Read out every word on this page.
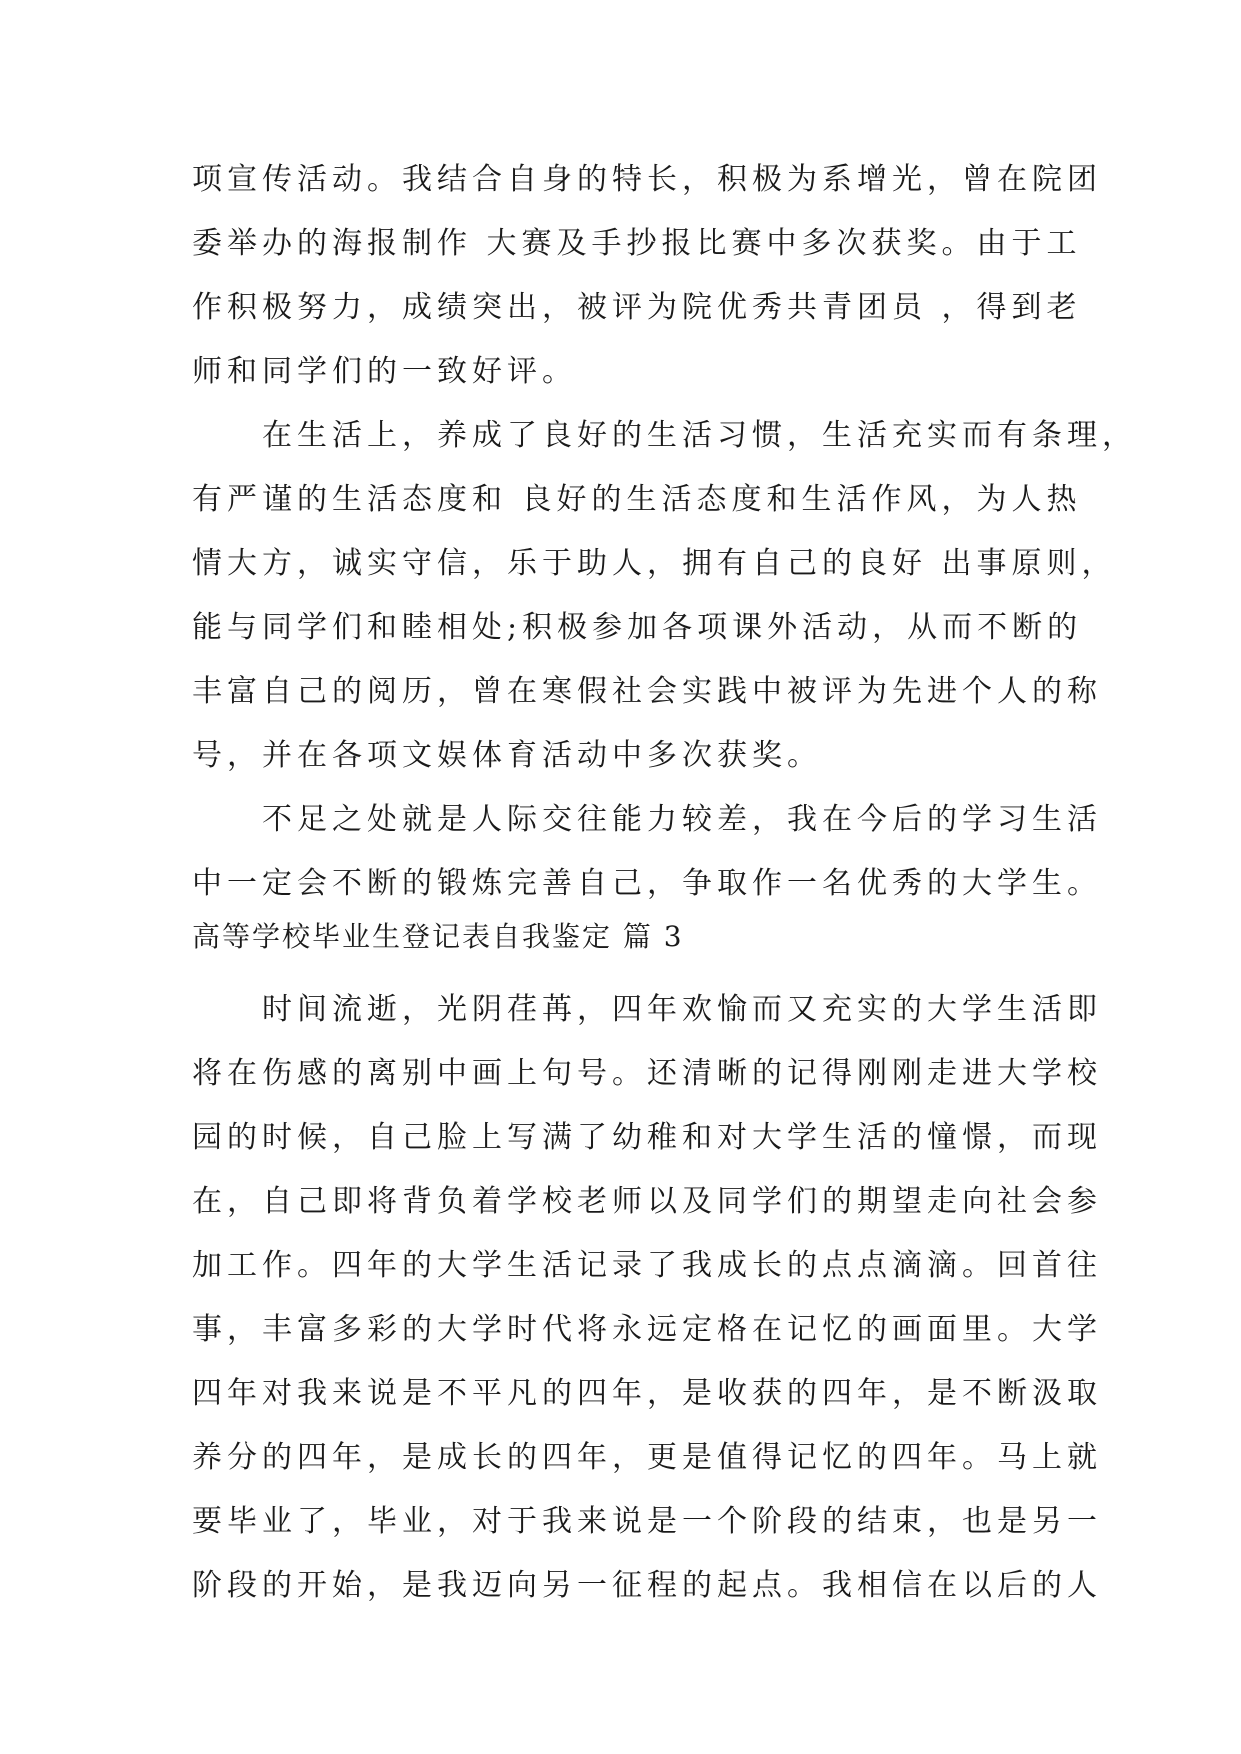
项宣传活动。我结合自身的特长，积极为系增光，曾在院团
委举办的海报制作 大赛及手抄报比赛中多次获奖。由于工
作积极努力，成绩突出，被评为院优秀共青团员 ，得到老
师和同学们的一致好评。
　　在生活上，养成了良好的生活习惯，生活充实而有条理，
有严谨的生活态度和 良好的生活态度和生活作风，为人热
情大方，诚实守信，乐于助人，拥有自己的良好 出事原则，
能与同学们和睦相处;积极参加各项课外活动，从而不断的
丰富自己的阅历，曾在寒假社会实践中被评为先进个人的称
号，并在各项文娱体育活动中多次获奖。
　　不足之处就是人际交往能力较差，我在今后的学习生活
中一定会不断的锻炼完善自己，争取作一名优秀的大学生。
高等学校毕业生登记表自我鉴定 篇 3
　　时间流逝，光阴荏苒，四年欢愉而又充实的大学生活即
将在伤感的离别中画上句号。还清晰的记得刚刚走进大学校
园的时候，自己脸上写满了幼稚和对大学生活的憧憬，而现
在，自己即将背负着学校老师以及同学们的期望走向社会参
加工作。四年的大学生活记录了我成长的点点滴滴。回首往
事，丰富多彩的大学时代将永远定格在记忆的画面里。大学
四年对我来说是不平凡的四年，是收获的四年，是不断汲取
养分的四年，是成长的四年，更是值得记忆的四年。马上就
要毕业了，毕业，对于我来说是一个阶段的结束，也是另一
阶段的开始，是我迈向另一征程的起点。我相信在以后的人
